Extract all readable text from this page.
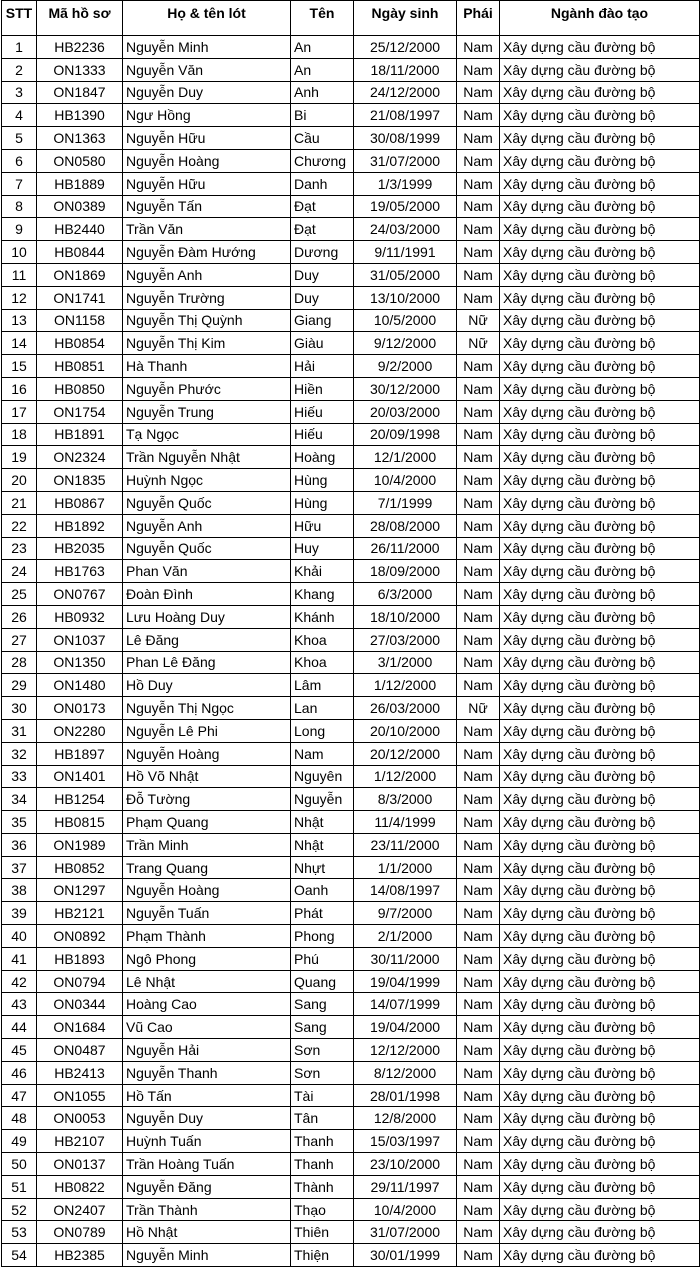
STT	Mã hồ sơ	Họ & tên lót	Tên	Ngày sinh	Phái	Ngành đào tạo
1	HB2236	Nguyễn Minh	An	25/12/2000	Nam	Xây dựng cầu đường bộ
2	ON1333	Nguyễn Văn	An	18/11/2000	Nam	Xây dựng cầu đường bộ
3	ON1847	Nguyễn Duy	Anh	24/12/2000	Nam	Xây dựng cầu đường bộ
4	HB1390	Ngư Hồng	Bi	21/08/1997	Nam	Xây dựng cầu đường bộ
5	ON1363	Nguyễn Hữu	Cầu	30/08/1999	Nam	Xây dựng cầu đường bộ
6	ON0580	Nguyễn Hoàng	Chương	31/07/2000	Nam	Xây dựng cầu đường bộ
7	HB1889	Nguyễn Hữu	Danh	1/3/1999	Nam	Xây dựng cầu đường bộ
8	ON0389	Nguyễn Tấn	Đạt	19/05/2000	Nam	Xây dựng cầu đường bộ
9	HB2440	Trần Văn	Đạt	24/03/2000	Nam	Xây dựng cầu đường bộ
10	HB0844	Nguyễn Đàm Hướng	Dương	9/11/1991	Nam	Xây dựng cầu đường bộ
11	ON1869	Nguyễn Anh	Duy	31/05/2000	Nam	Xây dựng cầu đường bộ
12	ON1741	Nguyễn Trường	Duy	13/10/2000	Nam	Xây dựng cầu đường bộ
13	ON1158	Nguyễn Thị Quỳnh	Giang	10/5/2000	Nữ	Xây dựng cầu đường bộ
14	HB0854	Nguyễn Thị Kim	Giàu	9/12/2000	Nữ	Xây dựng cầu đường bộ
15	HB0851	Hà Thanh	Hải	9/2/2000	Nam	Xây dựng cầu đường bộ
16	HB0850	Nguyễn Phước	Hiền	30/12/2000	Nam	Xây dựng cầu đường bộ
17	ON1754	Nguyễn Trung	Hiếu	20/03/2000	Nam	Xây dựng cầu đường bộ
18	HB1891	Tạ Ngọc	Hiếu	20/09/1998	Nam	Xây dựng cầu đường bộ
19	ON2324	Trần Nguyễn Nhật	Hoàng	12/1/2000	Nam	Xây dựng cầu đường bộ
20	ON1835	Huỳnh Ngọc	Hùng	10/4/2000	Nam	Xây dựng cầu đường bộ
21	HB0867	Nguyễn Quốc	Hùng	7/1/1999	Nam	Xây dựng cầu đường bộ
22	HB1892	Nguyễn Anh	Hữu	28/08/2000	Nam	Xây dựng cầu đường bộ
23	HB2035	Nguyễn Quốc	Huy	26/11/2000	Nam	Xây dựng cầu đường bộ
24	HB1763	Phan Văn	Khải	18/09/2000	Nam	Xây dựng cầu đường bộ
25	ON0767	Đoàn Đình	Khang	6/3/2000	Nam	Xây dựng cầu đường bộ
26	HB0932	Lưu Hoàng Duy	Khánh	18/10/2000	Nam	Xây dựng cầu đường bộ
27	ON1037	Lê Đăng	Khoa	27/03/2000	Nam	Xây dựng cầu đường bộ
28	ON1350	Phan Lê Đăng	Khoa	3/1/2000	Nam	Xây dựng cầu đường bộ
29	ON1480	Hồ Duy	Lâm	1/12/2000	Nam	Xây dựng cầu đường bộ
30	ON0173	Nguyễn Thị Ngọc	Lan	26/03/2000	Nữ	Xây dựng cầu đường bộ
31	ON2280	Nguyễn Lê Phi	Long	20/10/2000	Nam	Xây dựng cầu đường bộ
32	HB1897	Nguyễn Hoàng	Nam	20/12/2000	Nam	Xây dựng cầu đường bộ
33	ON1401	Hồ Võ Nhật	Nguyên	1/12/2000	Nam	Xây dựng cầu đường bộ
34	HB1254	Đỗ Tường	Nguyễn	8/3/2000	Nam	Xây dựng cầu đường bộ
35	HB0815	Phạm Quang	Nhật	11/4/1999	Nam	Xây dựng cầu đường bộ
36	ON1989	Trần Minh	Nhật	23/11/2000	Nam	Xây dựng cầu đường bộ
37	HB0852	Trang Quang	Nhựt	1/1/2000	Nam	Xây dựng cầu đường bộ
38	ON1297	Nguyễn Hoàng	Oanh	14/08/1997	Nam	Xây dựng cầu đường bộ
39	HB2121	Nguyễn Tuấn	Phát	9/7/2000	Nam	Xây dựng cầu đường bộ
40	ON0892	Phạm Thành	Phong	2/1/2000	Nam	Xây dựng cầu đường bộ
41	HB1893	Ngô Phong	Phú	30/11/2000	Nam	Xây dựng cầu đường bộ
42	ON0794	Lê Nhật	Quang	19/04/1999	Nam	Xây dựng cầu đường bộ
43	ON0344	Hoàng Cao	Sang	14/07/1999	Nam	Xây dựng cầu đường bộ
44	ON1684	Vũ Cao	Sang	19/04/2000	Nam	Xây dựng cầu đường bộ
45	ON0487	Nguyễn Hải	Sơn	12/12/2000	Nam	Xây dựng cầu đường bộ
46	HB2413	Nguyễn Thanh	Sơn	8/12/2000	Nam	Xây dựng cầu đường bộ
47	ON1055	Hồ Tấn	Tài	28/01/1998	Nam	Xây dựng cầu đường bộ
48	ON0053	Nguyễn Duy	Tân	12/8/2000	Nam	Xây dựng cầu đường bộ
49	HB2107	Huỳnh Tuấn	Thanh	15/03/1997	Nam	Xây dựng cầu đường bộ
50	ON0137	Trần Hoàng Tuấn	Thanh	23/10/2000	Nam	Xây dựng cầu đường bộ
51	HB0822	Nguyễn Đăng	Thành	29/11/1997	Nam	Xây dựng cầu đường bộ
52	ON2407	Trần Thành	Thạo	10/4/2000	Nam	Xây dựng cầu đường bộ
53	ON0789	Hồ Nhật	Thiên	31/07/2000	Nam	Xây dựng cầu đường bộ
54	HB2385	Nguyễn Minh	Thiện	30/01/1999	Nam	Xây dựng cầu đường bộ
